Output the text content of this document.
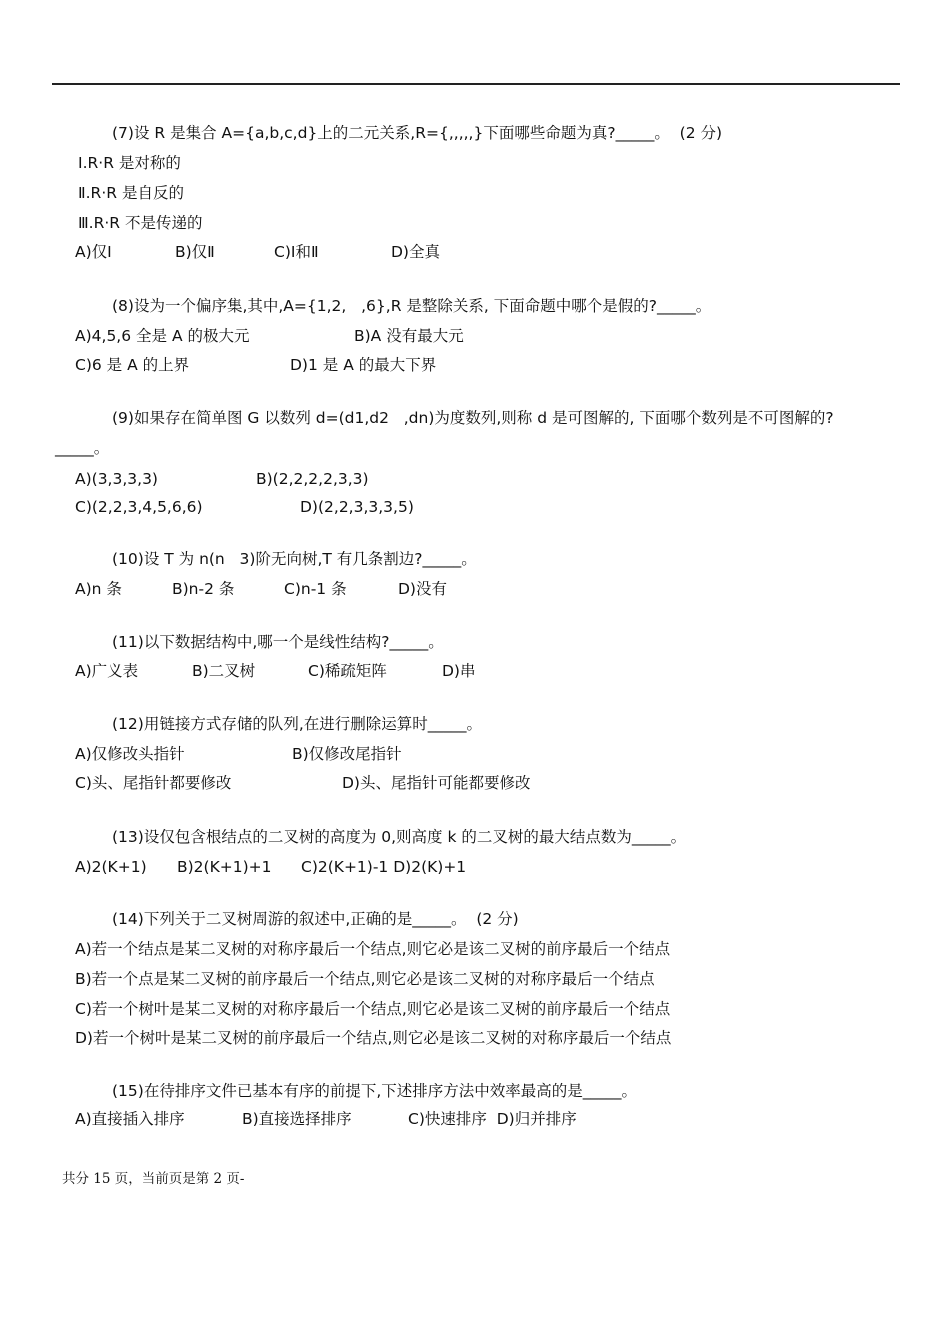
(7)设 R 是集合 A={a,b,c,d}上的二元关系,R={,,,,,}下面哪些命题为真?_____。  (2 分)
Ⅰ.R·R 是对称的
Ⅱ.R·R 是自反的
Ⅲ.R·R 不是传递的
A)仅Ⅰ	B)仅Ⅱ	C)Ⅰ和Ⅱ	D)全真
(8)设为一个偏序集,其中,A={1,2,   ,6},R 是整除关系, 下面命题中哪个是假的?_____。
A)4,5,6 全是 A 的极大元	B)A 没有最大元
C)6 是 A 的上界	D)1 是 A 的最大下界
(9)如果存在简单图 G 以数列 d=(d1,d2   ,dn)为度数列,则称 d 是可图解的, 下面哪个数列是不可图解的?
_____。
A)(3,3,3,3)	B)(2,2,2,2,3,3)
C)(2,2,3,4,5,6,6)	D)(2,2,3,3,3,5)
(10)设 T 为 n(n   3)阶无向树,T 有几条割边?_____。
A)n 条	B)n-2 条	C)n-1 条	D)没有
(11)以下数据结构中,哪一个是线性结构?_____。
A)广义表	B)二叉树	C)稀疏矩阵	D)串
(12)用链接方式存储的队列,在进行删除运算时_____。
A)仅修改头指针	B)仅修改尾指针
C)头、尾指针都要修改	D)头、尾指针可能都要修改
(13)设仅包含根结点的二叉树的高度为 0,则高度 k 的二叉树的最大结点数为_____。
A)2(K+1) B)2(K+1)+1 C)2(K+1)-1 D)2(K)+1
(14)下列关于二叉树周游的叙述中,正确的是_____。  (2 分)
A)若一个结点是某二叉树的对称序最后一个结点,则它必是该二叉树的前序最后一个结点
B)若一个点是某二叉树的前序最后一个结点,则它必是该二叉树的对称序最后一个结点
C)若一个树叶是某二叉树的对称序最后一个结点,则它必是该二叉树的前序最后一个结点
D)若一个树叶是某二叉树的前序最后一个结点,则它必是该二叉树的对称序最后一个结点
(15)在待排序文件已基本有序的前提下,下述排序方法中效率最高的是_____。
A)直接插入排序	B)直接选择排序	C)快速排序  D)归并排序
共分 15 页，当前页是第 2 页-
